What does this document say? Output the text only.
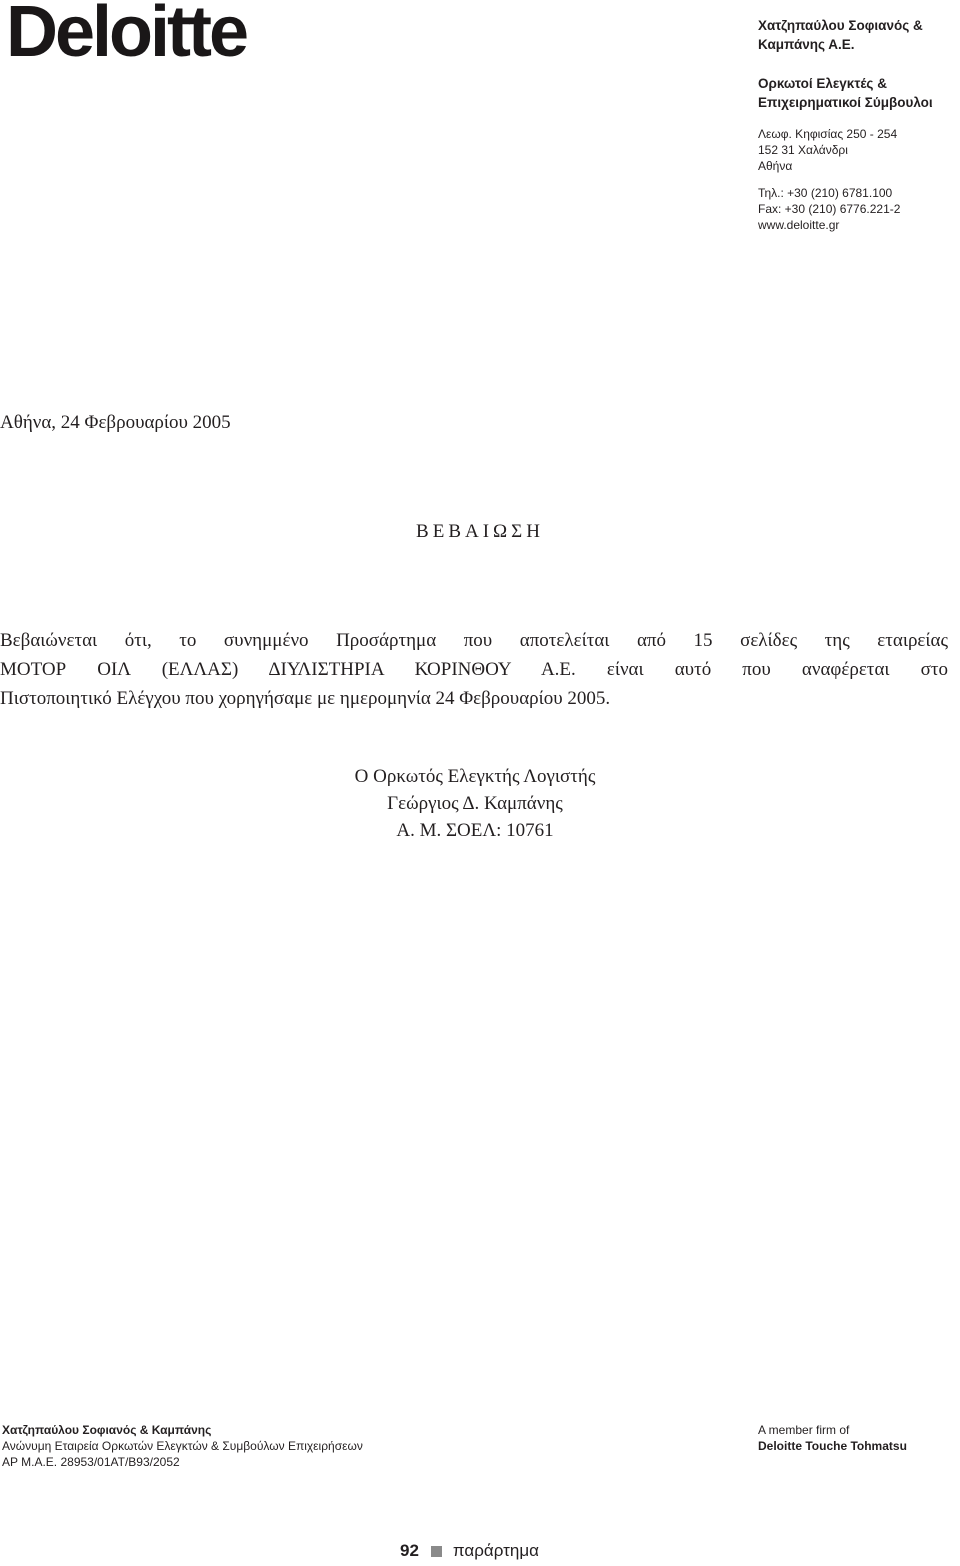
Deloitte	Χατζηπαύλου Σοφιανός &
Καμπάνης Α.Ε.
Ορκωτοί Ελεγκτές &
Επιχειρηματικοί Σύμβουλοι
Λεωφ. Κηφισίας 250 - 254
152 31 Χαλάνδρι
Αθήνα
Τηλ.: +30 (210) 6781.100
Fax: +30 (210) 6776.221-2
www.deloitte.gr
Αθήνα, 24 Φεβρουαρίου 2005
ΒΕΒΑΙΩΣΗ
Βεβαιώνεται ότι, το συνημμένο Προσάρτημα που αποτελείται από 15 σελίδες της εταιρείας
ΜΟΤΟΡ ΟΙΛ (ΕΛΛΑΣ) ΔΙΥΛΙΣΤΗΡΙΑ ΚΟΡΙΝΘΟΥ Α.Ε. είναι αυτό που αναφέρεται στο
Πιστοποιητικό Ελέγχου που χορηγήσαμε με ημερομηνία 24 Φεβρουαρίου 2005.
Ο Ορκωτός Ελεγκτής Λογιστής
Γεώργιος Δ. Καμπάνης
Α. Μ. ΣΟΕΛ: 10761
Χατζηπαύλου Σοφιανός & Καμπάνης
Ανώνυμη Εταιρεία Ορκωτών Ελεγκτών & Συμβούλων Επιχειρήσεων
ΑΡ Μ.Α.Ε. 28953/01ΑΤ/Β93/2052
A member firm of
Deloitte Touche Tohmatsu
92 παράρτημα
